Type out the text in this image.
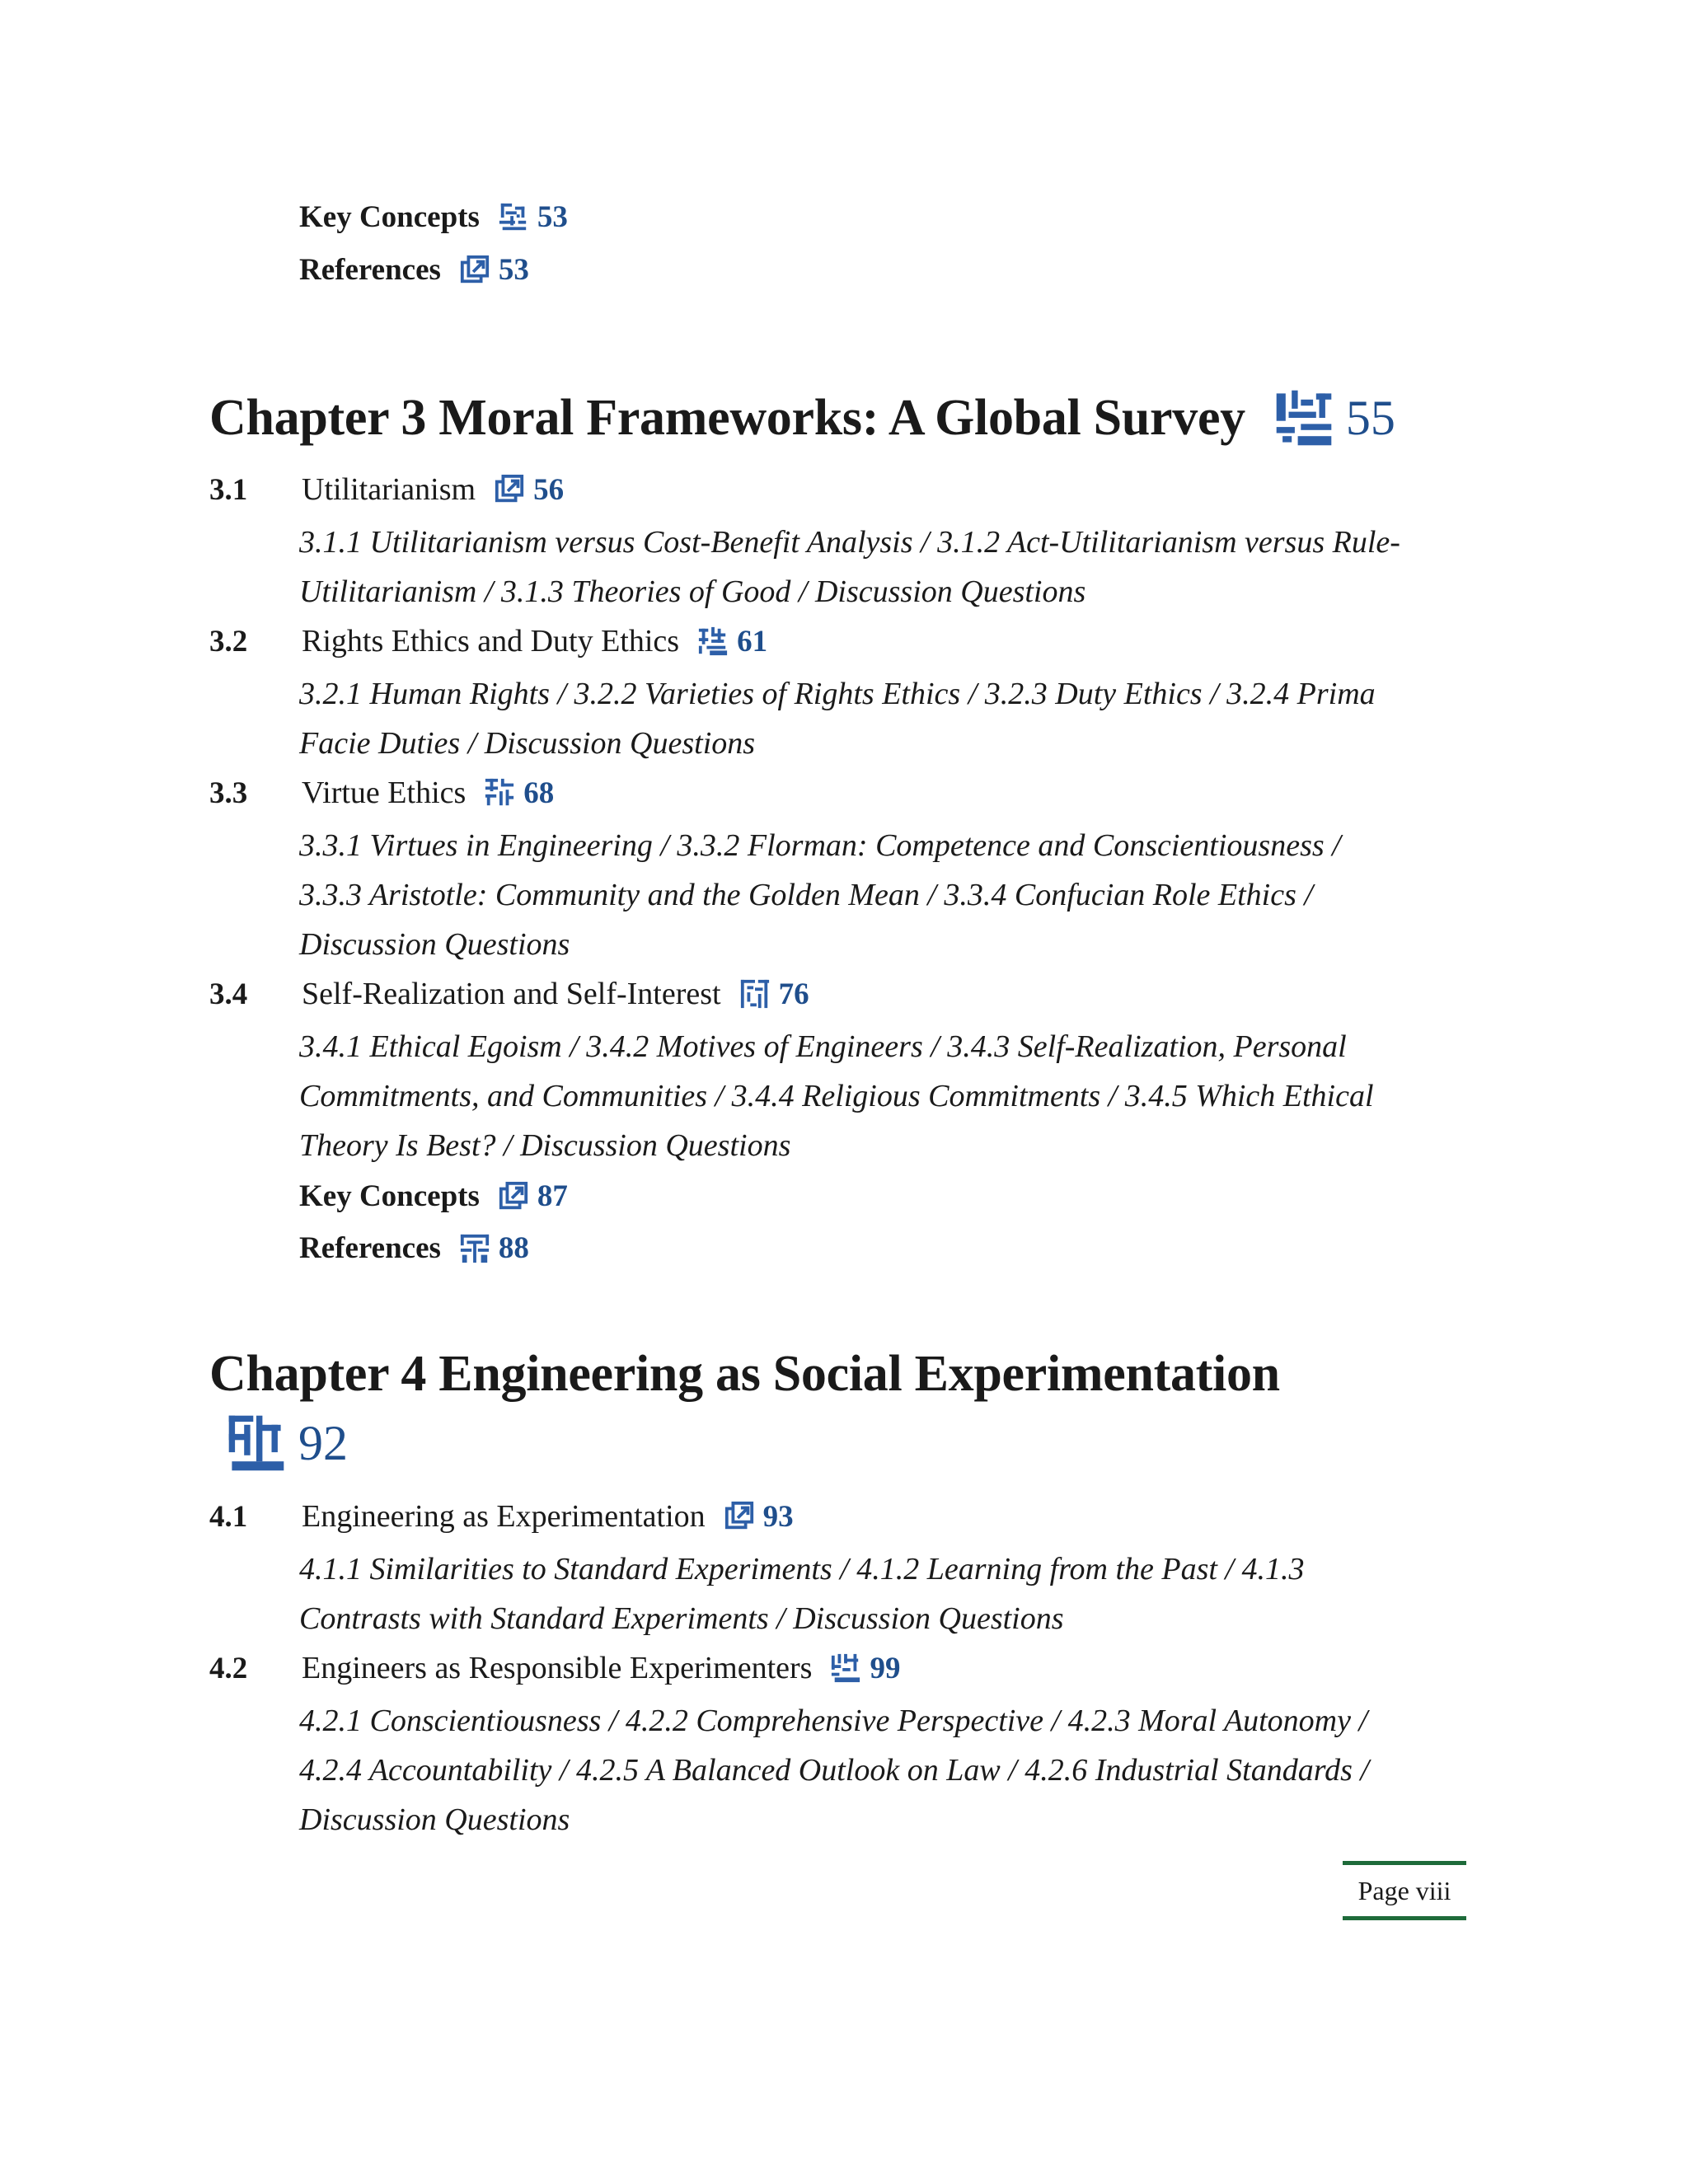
Key Concepts 53
References 53
Chapter 3 Moral Frameworks: A Global Survey 55
3.1	Utilitarianism 56
3.1.1 Utilitarianism versus Cost-Benefit Analysis / 3.1.2 Act-Utilitarianism versus Rule-
Utilitarianism / 3.1.3 Theories of Good / Discussion Questions
3.2	Rights Ethics and Duty Ethics 61
3.2.1 Human Rights / 3.2.2 Varieties of Rights Ethics / 3.2.3 Duty Ethics / 3.2.4 Prima
Facie Duties / Discussion Questions
3.3	Virtue Ethics 68
3.3.1 Virtues in Engineering / 3.3.2 Florman: Competence and Conscientiousness /
3.3.3 Aristotle: Community and the Golden Mean / 3.3.4 Confucian Role Ethics /
Discussion Questions
3.4	Self-Realization and Self-Interest 76
3.4.1 Ethical Egoism / 3.4.2 Motives of Engineers / 3.4.3 Self-Realization, Personal
Commitments, and Communities / 3.4.4 Religious Commitments / 3.4.5 Which Ethical
Theory Is Best? / Discussion Questions
Key Concepts 87
References 88
Chapter 4 Engineering as Social Experimentation
92
4.1	Engineering as Experimentation 93
4.1.1 Similarities to Standard Experiments / 4.1.2 Learning from the Past / 4.1.3
Contrasts with Standard Experiments / Discussion Questions
4.2	Engineers as Responsible Experimenters 99
4.2.1 Conscientiousness / 4.2.2 Comprehensive Perspective / 4.2.3 Moral Autonomy /
4.2.4 Accountability / 4.2.5 A Balanced Outlook on Law / 4.2.6 Industrial Standards /
Discussion Questions
Page viii
